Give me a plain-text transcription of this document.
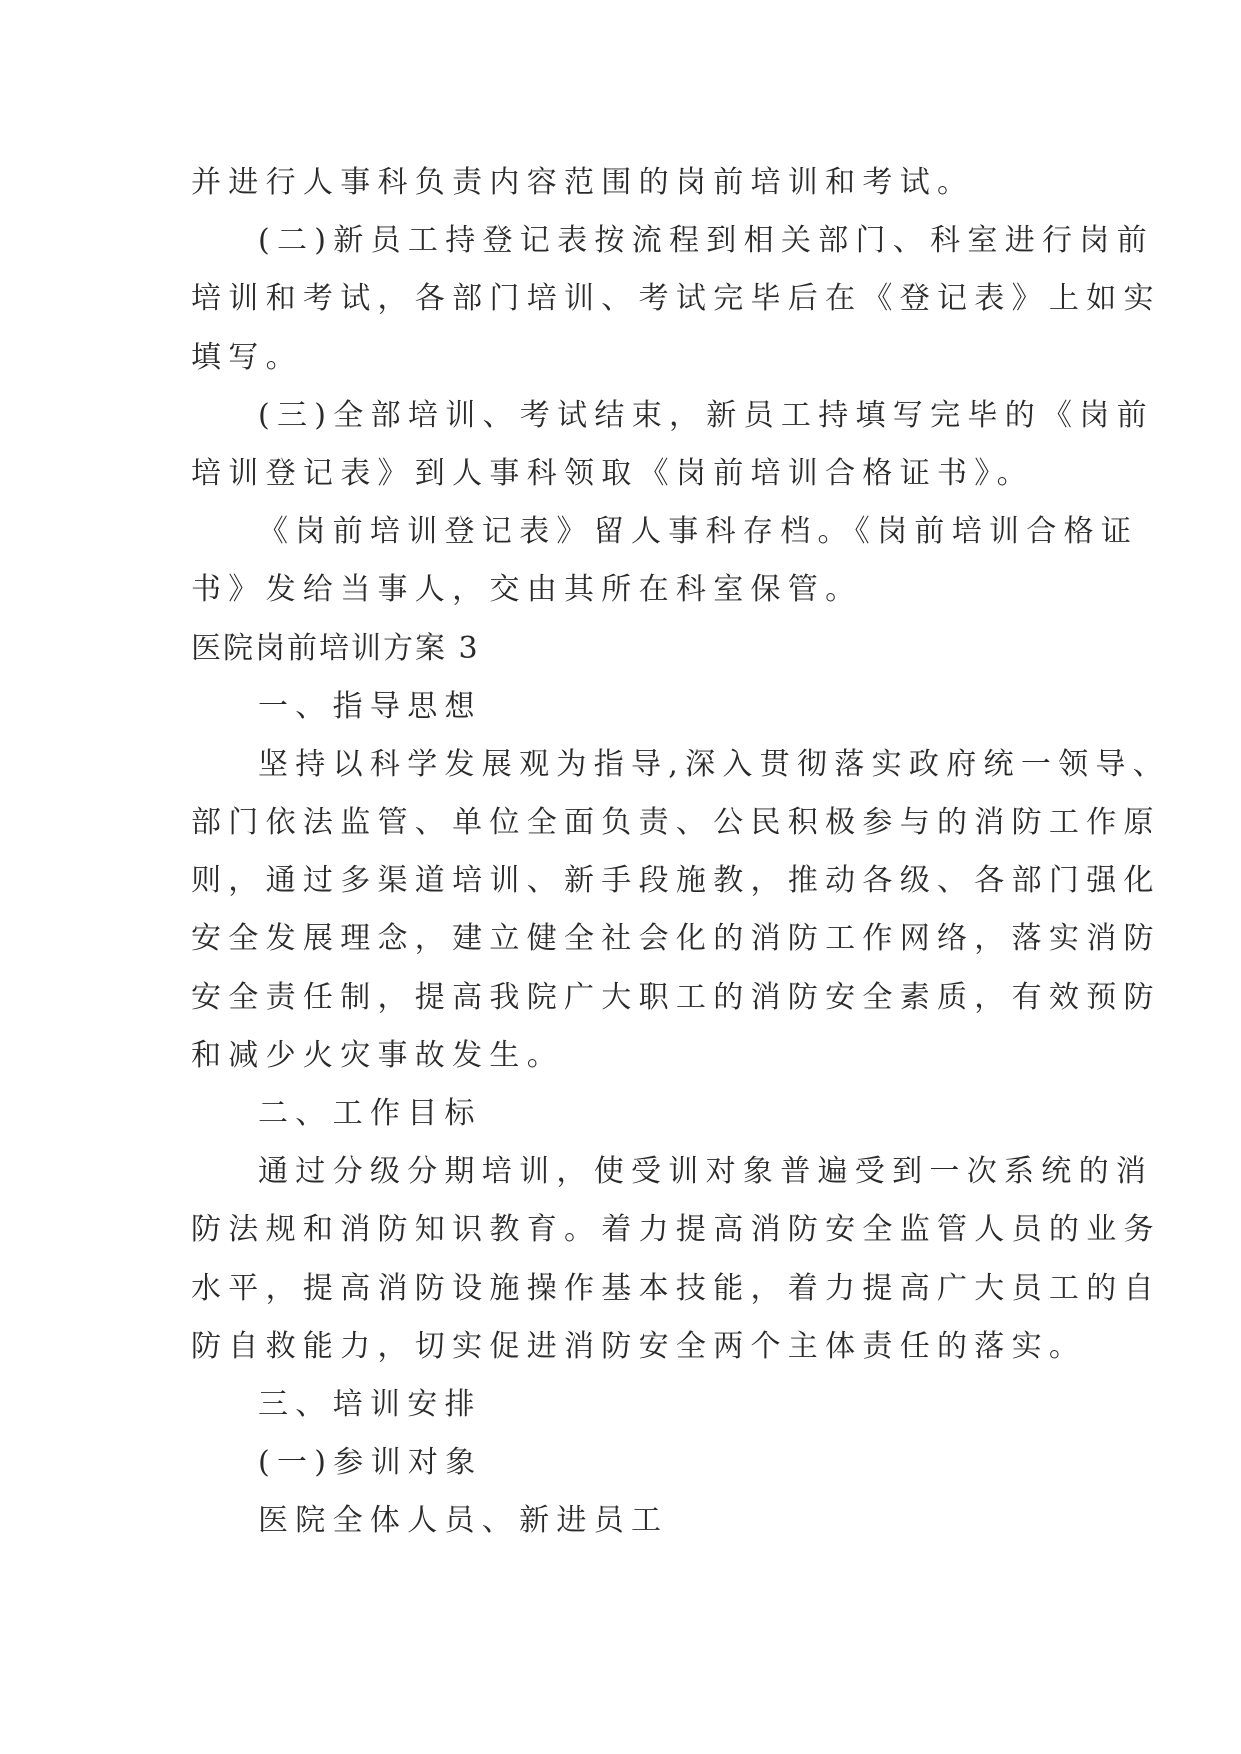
并进行人事科负责内容范围的岗前培训和考试。
(二)新员工持登记表按流程到相关部门、科室进行岗前
培训和考试，各部门培训、考试完毕后在《登记表》上如实
填写。
(三)全部培训、考试结束，新员工持填写完毕的《岗前
培训登记表》到人事科领取《岗前培训合格证书》。
《岗前培训登记表》留人事科存档。《岗前培训合格证
书》发给当事人，交由其所在科室保管。
医院岗前培训方案 3
一、指导思想
坚持以科学发展观为指导,深入贯彻落实政府统一领导、
部门依法监管、单位全面负责、公民积极参与的消防工作原
则，通过多渠道培训、新手段施教，推动各级、各部门强化
安全发展理念，建立健全社会化的消防工作网络，落实消防
安全责任制，提高我院广大职工的消防安全素质，有效预防
和减少火灾事故发生。
二、工作目标
通过分级分期培训，使受训对象普遍受到一次系统的消
防法规和消防知识教育。着力提高消防安全监管人员的业务
水平，提高消防设施操作基本技能，着力提高广大员工的自
防自救能力，切实促进消防安全两个主体责任的落实。
三、培训安排
(一)参训对象
医院全体人员、新进员工
